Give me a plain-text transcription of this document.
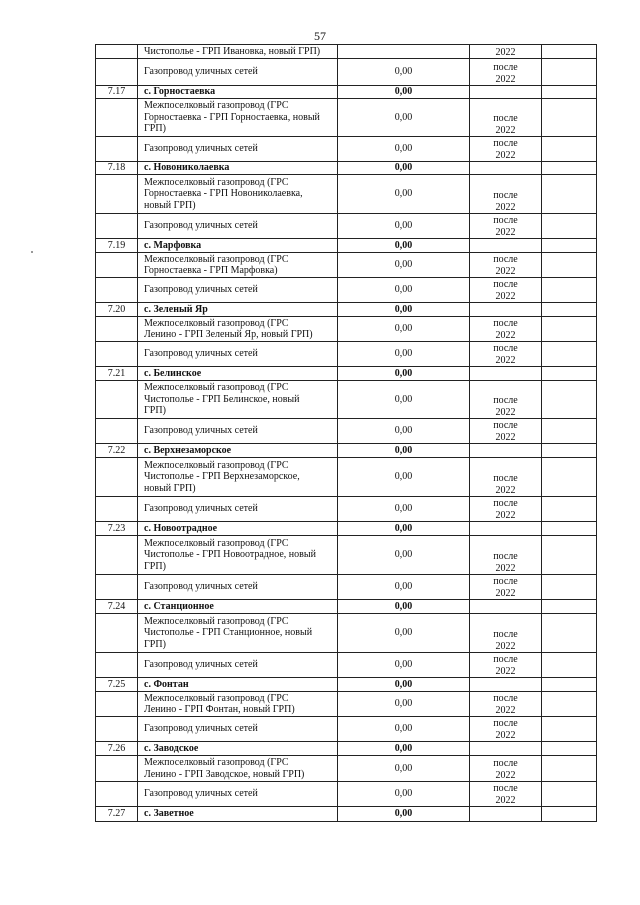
57
	Чистополье - ГРП Ивановка, новый ГРП)		2022	
	Газопровод уличных сетей	0,00	после
2022	
7.17	с. Горностаевка	0,00		
	Межпоселковый газопровод (ГРС
Горностаевка - ГРП Горностаевка, новый
ГРП)	0,00	после
2022	
	Газопровод уличных сетей	0,00	после
2022	
7.18	с. Новониколаевка	0,00		
	Межпоселковый газопровод (ГРС
Горностаевка - ГРП Новониколаевка,
новый ГРП)	0,00	после
2022	
	Газопровод уличных сетей	0,00	после
2022	
7.19	с. Марфовка	0,00		
	Межпоселковый газопровод (ГРС
Горностаевка - ГРП Марфовка)	0,00	после
2022	
	Газопровод уличных сетей	0,00	после
2022	
7.20	с. Зеленый Яр	0,00		
	Межпоселковый газопровод (ГРС
Ленино - ГРП Зеленый Яр, новый ГРП)	0,00	после
2022	
	Газопровод уличных сетей	0,00	после
2022	
7.21	с. Белинское	0,00		
	Межпоселковый газопровод (ГРС
Чистополье - ГРП Белинское, новый
ГРП)	0,00	после
2022	
	Газопровод уличных сетей	0,00	после
2022	
7.22	с. Верхнезаморское	0,00		
	Межпоселковый газопровод (ГРС
Чистополье - ГРП Верхнезаморское,
новый ГРП)	0,00	после
2022	
	Газопровод уличных сетей	0,00	после
2022	
7.23	с. Новоотрадное	0,00		
	Межпоселковый газопровод (ГРС
Чистополье - ГРП Новоотрадное, новый
ГРП)	0,00	после
2022	
	Газопровод уличных сетей	0,00	после
2022	
7.24	с. Станционное	0,00		
	Межпоселковый газопровод (ГРС
Чистополье - ГРП Станционное, новый
ГРП)	0,00	после
2022	
	Газопровод уличных сетей	0,00	после
2022	
7.25	с. Фонтан	0,00		
	Межпоселковый газопровод (ГРС
Ленино - ГРП Фонтан, новый ГРП)	0,00	после
2022	
	Газопровод уличных сетей	0,00	после
2022	
7.26	с. Заводское	0,00		
	Межпоселковый газопровод (ГРС
Ленино - ГРП Заводское, новый ГРП)	0,00	после
2022	
	Газопровод уличных сетей	0,00	после
2022	
7.27	с. Заветное	0,00		
